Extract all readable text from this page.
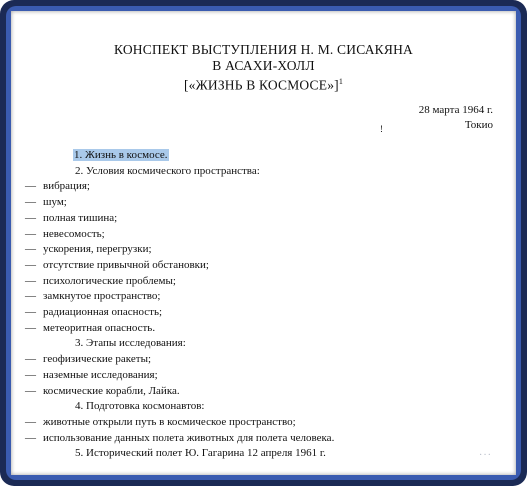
КОНСПЕКТ ВЫСТУПЛЕНИЯ Н. М. СИСАКЯНА
В АСАХИ-ХОЛЛ
[«ЖИЗНЬ В КОСМОСЕ»]$^1$
28 марта 1964 г.
Токио
!
1. Жизнь в космосе.
2. Условия космического пространства:
— вибрация;
— шум;
— полная тишина;
— невесомость;
— ускорения, перегрузки;
— отсутствие привычной обстановки;
— психологические проблемы;
— замкнутое пространство;
— радиационная опасность;
— метеоритная опасность.
3. Этапы исследования:
— геофизические ракеты;
— наземные исследования;
— космические корабли, Лайка.
4. Подготовка космонавтов:
— животные открыли путь в космическое пространство;
— использование данных полета животных для полета человека.
5. Исторический полет Ю. Гагарина 12 апреля 1961 г.	···
